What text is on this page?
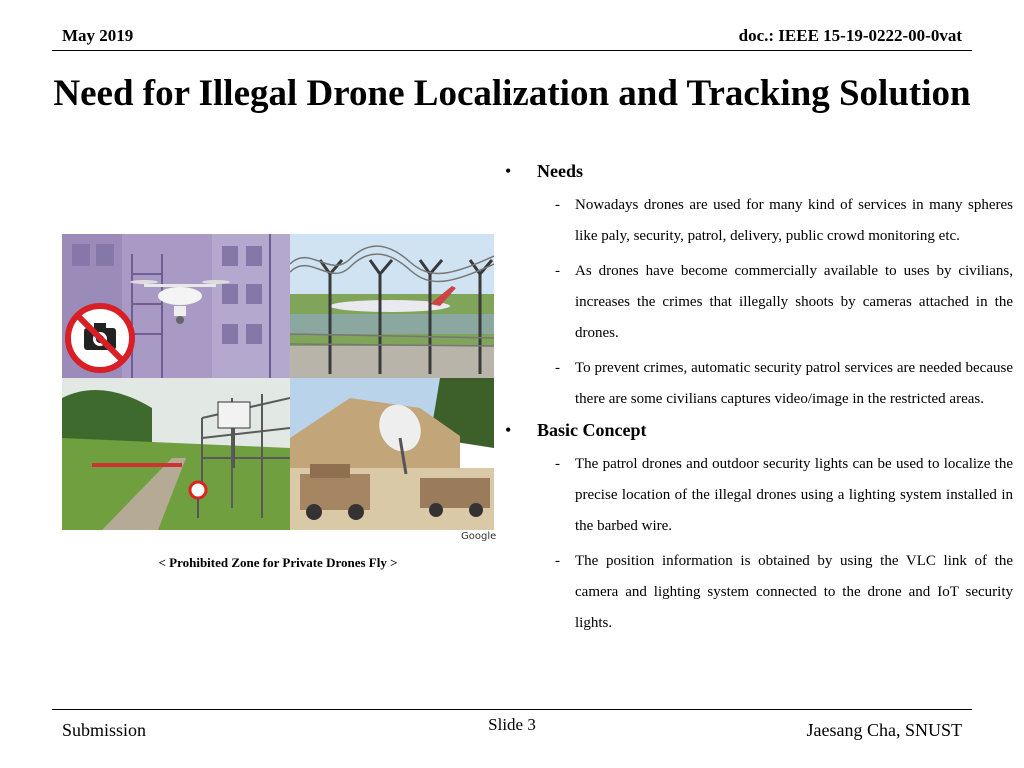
May 2019	doc.: IEEE 15-19-0222-00-0vat
Need for Illegal Drone Localization and Tracking Solution
Google
< Prohibited Zone for Private Drones Fly >
• Needs
- Nowadays drones are used for many kind of services in many spheres like paly, security, patrol, delivery, public crowd monitoring etc.
- As drones have become commercially available to uses by civilians, increases the crimes that illegally shoots by cameras attached in the drones.
- To prevent crimes, automatic security patrol services are needed because there are some civilians captures video/image in the restricted areas.
• Basic Concept
- The patrol drones and outdoor security lights can be used to localize the precise location of the illegal drones using a lighting system installed in the barbed wire.
- The position information is obtained by using the VLC link of the camera and lighting system connected to the drone and IoT security lights.
Submission	Slide 3	Jaesang Cha, SNUST
